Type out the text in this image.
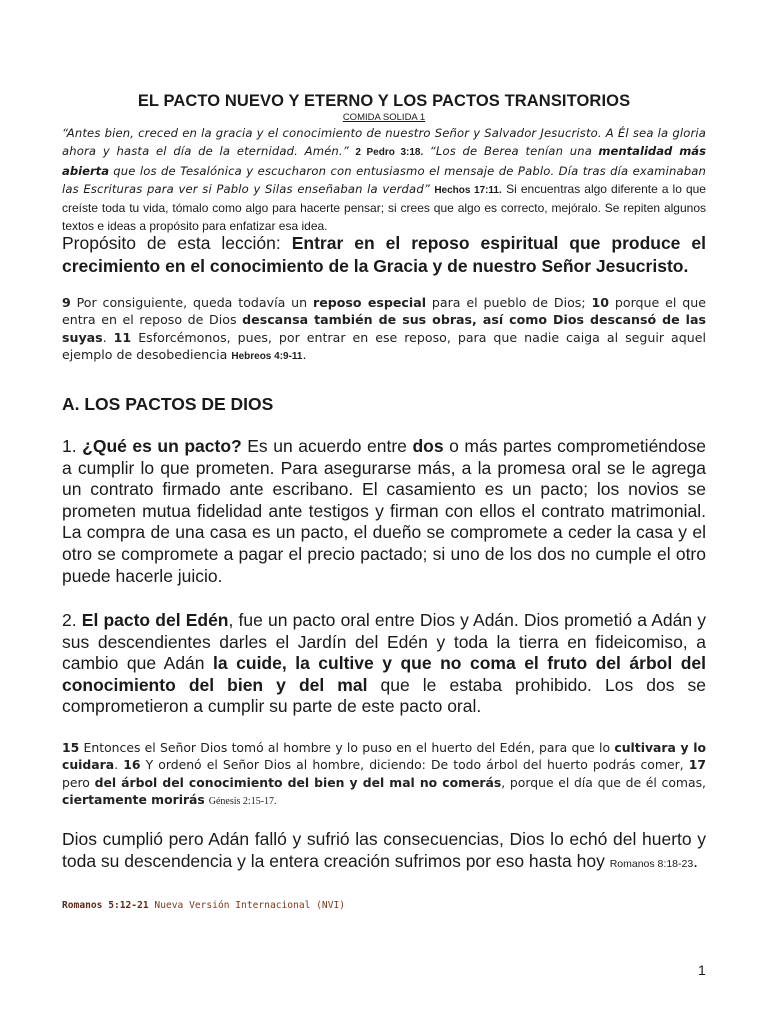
EL PACTO NUEVO Y ETERNO Y LOS PACTOS TRANSITORIOS
COMIDA SOLIDA 1
“Antes bien, creced en la gracia y el conocimiento de nuestro Señor y Salvador Jesucristo. A Él sea la gloria ahora y hasta el día de la eternidad. Amén.” 2 Pedro 3:18. “Los de Berea tenían una mentalidad más abierta que los de Tesalónica y escucharon con entusiasmo el mensaje de Pablo. Día tras día examinaban las Escrituras para ver si Pablo y Silas enseñaban la verdad” Hechos 17:11. Si encuentras algo diferente a lo que creíste toda tu vida, tómalo como algo para hacerte pensar; si crees que algo es correcto, mejóralo. Se repiten algunos textos e ideas a propósito para enfatizar esa idea.
Propósito de esta lección: Entrar en el reposo espiritual que produce el crecimiento en el conocimiento de la Gracia y de nuestro Señor Jesucristo.
9 Por consiguiente, queda todavía un reposo especial para el pueblo de Dios; 10 porque el que entra en el reposo de Dios descansa también de sus obras, así como Dios descansó de las suyas. 11 Esforcémonos, pues, por entrar en ese reposo, para que nadie caiga al seguir aquel ejemplo de desobediencia Hebreos 4:9-11.
A. LOS PACTOS DE DIOS
1. ¿Qué es un pacto? Es un acuerdo entre dos o más partes comprometiéndose a cumplir lo que prometen. Para asegurarse más, a la promesa oral se le agrega un contrato firmado ante escribano. El casamiento es un pacto; los novios se prometen mutua fidelidad ante testigos y firman con ellos el contrato matrimonial. La compra de una casa es un pacto, el dueño se compromete a ceder la casa y el otro se compromete a pagar el precio pactado; si uno de los dos no cumple el otro puede hacerle juicio.
2. El pacto del Edén, fue un pacto oral entre Dios y Adán. Dios prometió a Adán y sus descendientes darles el Jardín del Edén y toda la tierra en fideicomiso, a cambio que Adán la cuide, la cultive y que no coma el fruto del árbol del conocimiento del bien y del mal que le estaba prohibido. Los dos se comprometieron a cumplir su parte de este pacto oral.
15 Entonces el Señor Dios tomó al hombre y lo puso en el huerto del Edén, para que lo cultivara y lo cuidara. 16 Y ordenó el Señor Dios al hombre, diciendo: De todo árbol del huerto podrás comer, 17 pero del árbol del conocimiento del bien y del mal no comerás, porque el día que de él comas, ciertamente morirás Génesis 2:15-17.
Dios cumplió pero Adán falló y sufrió las consecuencias, Dios lo echó del huerto y toda su descendencia y la entera creación sufrimos por eso hasta hoy Romanos 8:18-23.
Romanos 5:12-21 Nueva Versión Internacional (NVI)
1
